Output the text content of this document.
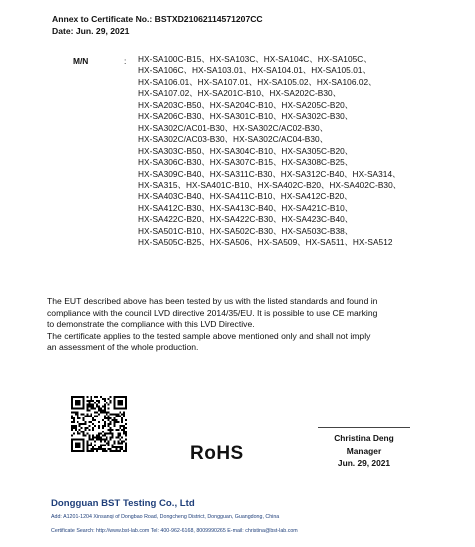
Annex to Certificate No.: BSTXD21062114571207CC
Date: Jun. 29, 2021
M/N	: HX-SA100C-B15、HX-SA103C、HX-SA104C、HX-SA105C、
HX-SA106C、HX-SA103.01、HX-SA104.01、HX-SA105.01、
HX-SA106.01、HX-SA107.01、HX-SA105.02、HX-SA106.02、
HX-SA107.02、HX-SA201C-B10、HX-SA202C-B30、
HX-SA203C-B50、HX-SA204C-B10、HX-SA205C-B20、
HX-SA206C-B30、HX-SA301C-B10、HX-SA302C-B30、
HX-SA302C/AC01-B30、HX-SA302C/AC02-B30、
HX-SA302C/AC03-B30、HX-SA302C/AC04-B30、
HX-SA303C-B50、HX-SA304C-B10、HX-SA305C-B20、
HX-SA306C-B30、HX-SA307C-B15、HX-SA308C-B25、
HX-SA309C-B40、HX-SA311C-B30、HX-SA312C-B40、HX-SA314、
HX-SA315、HX-SA401C-B10、HX-SA402C-B20、HX-SA402C-B30、
HX-SA403C-B40、HX-SA411C-B10、HX-SA412C-B20、
HX-SA412C-B30、HX-SA413C-B40、HX-SA421C-B10、
HX-SA422C-B20、HX-SA422C-B30、HX-SA423C-B40、
HX-SA501C-B10、HX-SA502C-B30、HX-SA503C-B38、
HX-SA505C-B25、HX-SA506、HX-SA509、HX-SA511、HX-SA512
The EUT described above has been tested by us with the listed standards and found in
compliance with the council LVD directive 2014/35/EU. It is possible to use CE marking
to demonstrate the compliance with this LVD Directive.
The certificate applies to the tested sample above mentioned only and shall not imply
an assessment of the whole production.
RoHS
Christina Deng
Manager
Jun. 29, 2021
Dongguan BST Testing Co., Ltd
Add: A1201-1204 Xinsanqi of Dongbao Road, Dongcheng District, Dongguan, Guangdong, China
Certificate Search: http://www.bst-lab.com Tel: 400-962-6168, 8009990265 E-mail: christina@bst-lab.com
